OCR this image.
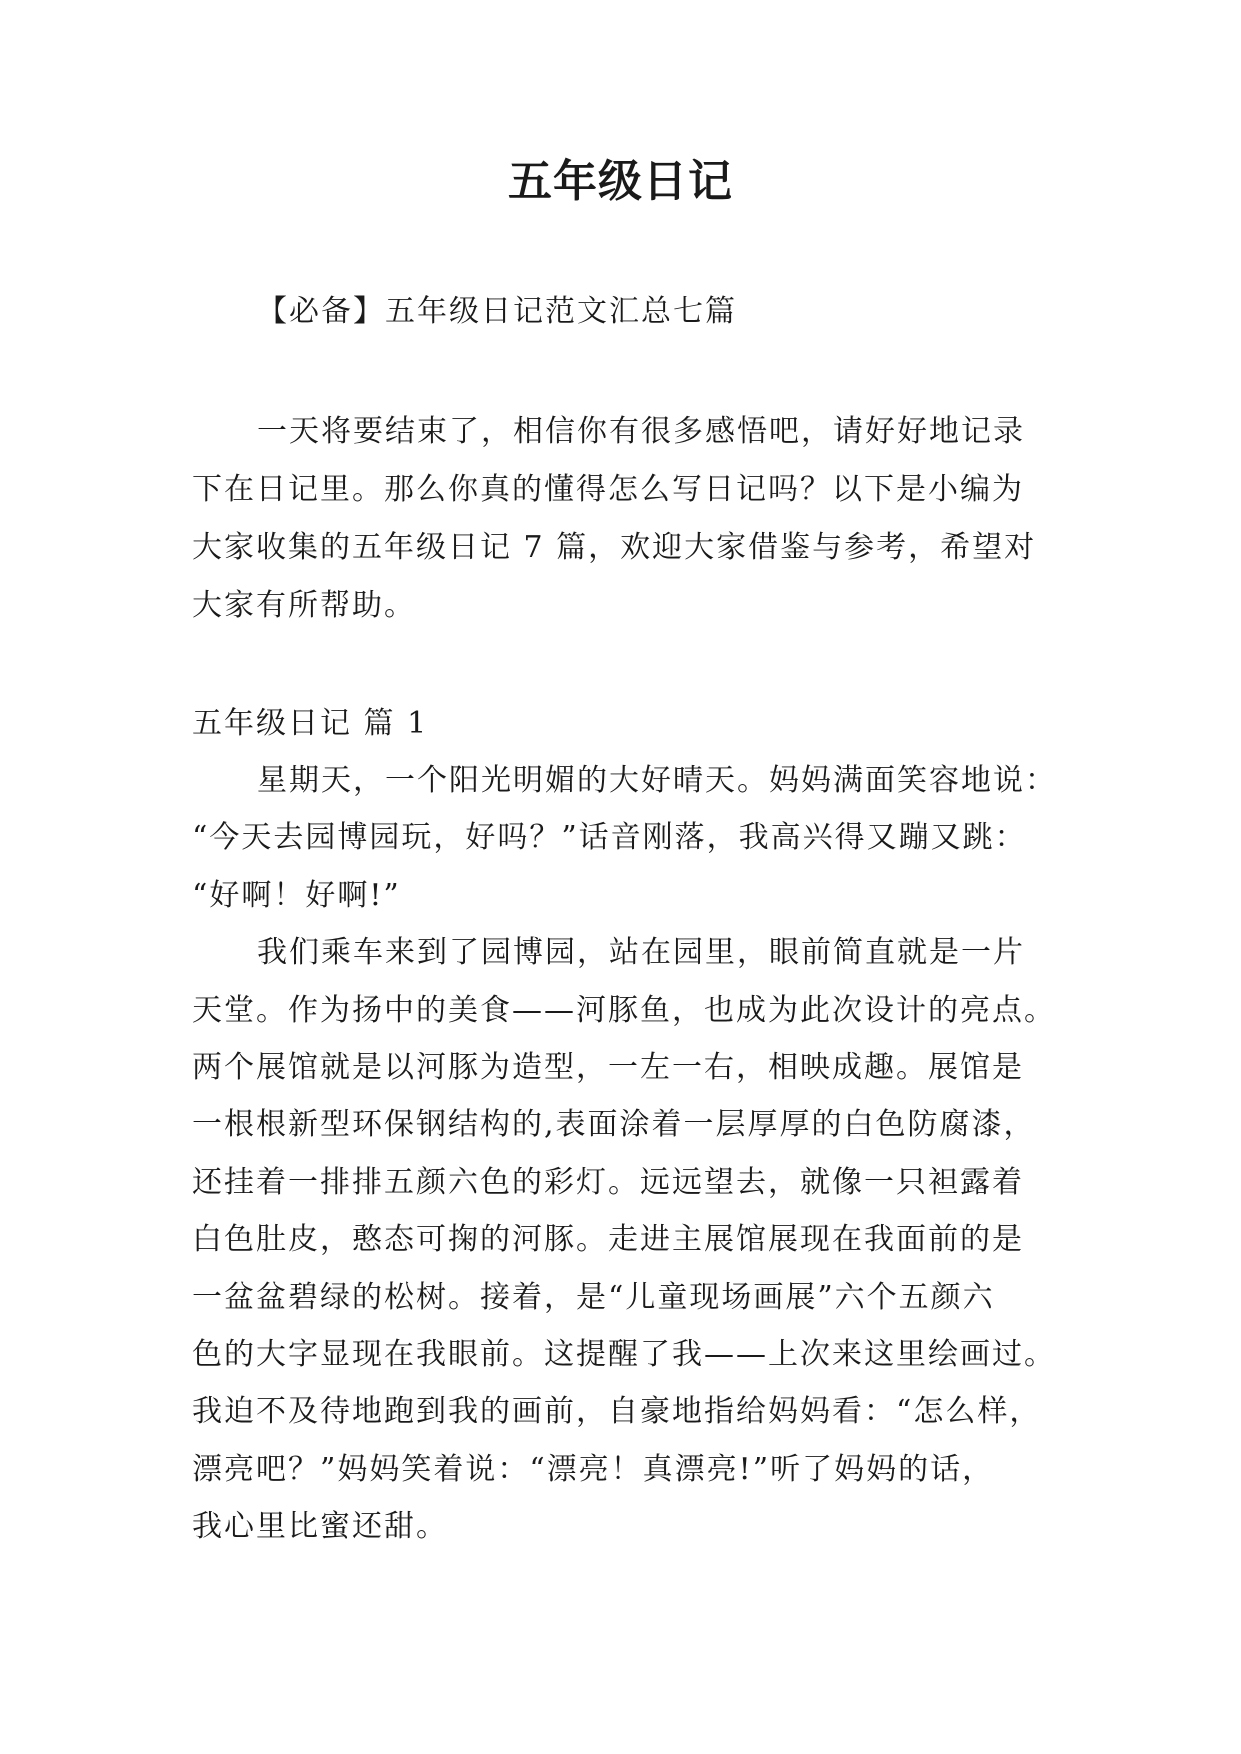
五年级日记
【必备】五年级日记范文汇总七篇
一天将要结束了，相信你有很多感悟吧，请好好地记录
下在日记里。那么你真的懂得怎么写日记吗？以下是小编为
大家收集的五年级日记 7 篇，欢迎大家借鉴与参考，希望对
大家有所帮助。
五年级日记 篇 1
星期天，一个阳光明媚的大好晴天。妈妈满面笑容地说：
“今天去园博园玩，好吗？”话音刚落，我高兴得又蹦又跳：
“好啊！好啊!”
我们乘车来到了园博园，站在园里，眼前简直就是一片
天堂。作为扬中的美食——河豚鱼，也成为此次设计的亮点。
两个展馆就是以河豚为造型，一左一右，相映成趣。展馆是
一根根新型环保钢结构的,表面涂着一层厚厚的白色防腐漆，
还挂着一排排五颜六色的彩灯。远远望去，就像一只袒露着
白色肚皮，憨态可掬的河豚。走进主展馆展现在我面前的是
一盆盆碧绿的松树。接着，是“儿童现场画展”六个五颜六
色的大字显现在我眼前。这提醒了我——上次来这里绘画过。
我迫不及待地跑到我的画前，自豪地指给妈妈看：“怎么样，
漂亮吧？”妈妈笑着说：“漂亮！真漂亮!”听了妈妈的话，
我心里比蜜还甜。
